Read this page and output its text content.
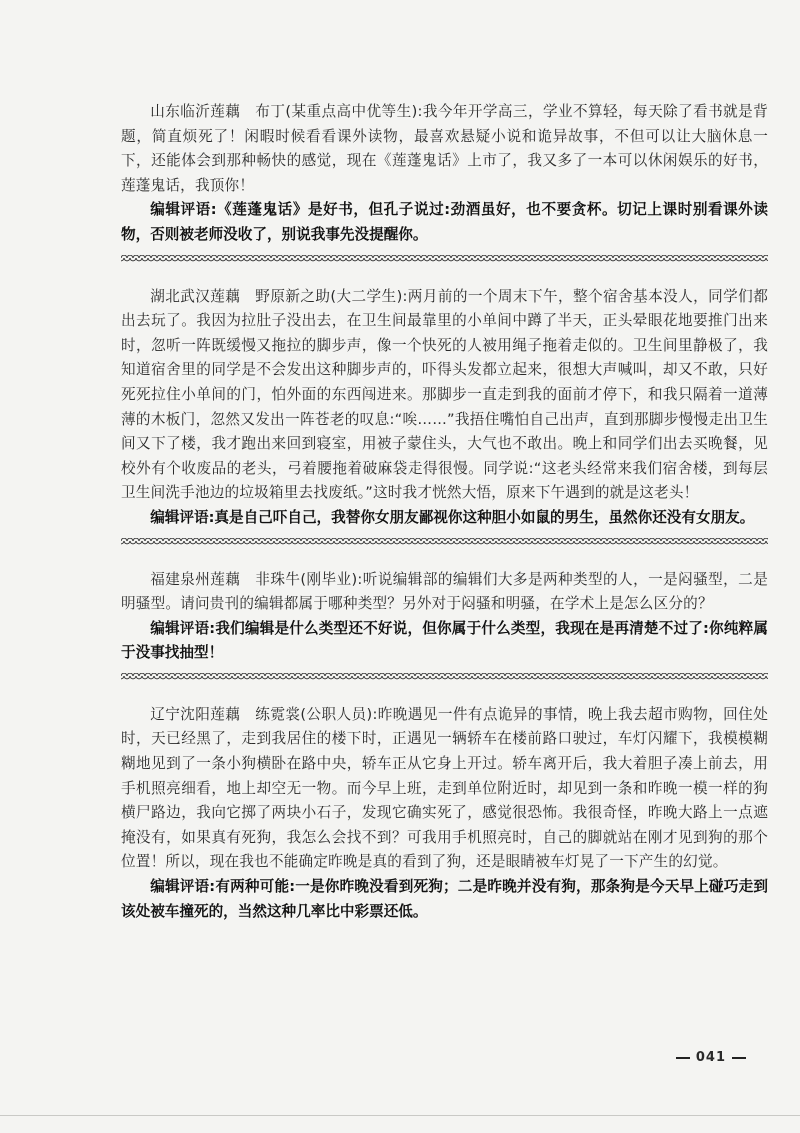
山东临沂莲藕　布丁(某重点高中优等生):我今年开学高三，学业不算轻，每天除了看书就是背题，简直烦死了！闲暇时候看看课外读物，最喜欢悬疑小说和诡异故事，不但可以让大脑休息一下，还能体会到那种畅快的感觉，现在《莲蓬鬼话》上市了，我又多了一本可以休闲娱乐的好书，莲蓬鬼话，我顶你！

编辑评语:《莲蓬鬼话》是好书，但孔子说过:劲酒虽好，也不要贪杯。切记上课时别看课外读物，否则被老师没收了，别说我事先没提醒你。

湖北武汉莲藕　野原新之助(大二学生):两月前的一个周末下午，整个宿舍基本没人，同学们都出去玩了。我因为拉肚子没出去，在卫生间最靠里的小单间中蹲了半天，正头晕眼花地要推门出来时，忽听一阵既缓慢又拖拉的脚步声，像一个快死的人被用绳子拖着走似的。卫生间里静极了，我知道宿舍里的同学是不会发出这种脚步声的，吓得头发都立起来，很想大声喊叫，却又不敢，只好死死拉住小单间的门，怕外面的东西闯进来。那脚步一直走到我的面前才停下，和我只隔着一道薄薄的木板门，忽然又发出一阵苍老的叹息:“唉……”我捂住嘴怕自己出声，直到那脚步慢慢走出卫生间又下了楼，我才跑出来回到寝室，用被子蒙住头，大气也不敢出。晚上和同学们出去买晚餐，见校外有个收废品的老头，弓着腰拖着破麻袋走得很慢。同学说:“这老头经常来我们宿舍楼，到每层卫生间洗手池边的垃圾箱里去找废纸。”这时我才恍然大悟，原来下午遇到的就是这老头！

编辑评语:真是自己吓自己，我替你女朋友鄙视你这种胆小如鼠的男生，虽然你还没有女朋友。

福建泉州莲藕　非珠牛(刚毕业):听说编辑部的编辑们大多是两种类型的人，一是闷骚型，二是明骚型。请问贵刊的编辑都属于哪种类型？另外对于闷骚和明骚，在学术上是怎么区分的？

编辑评语:我们编辑是什么类型还不好说，但你属于什么类型，我现在是再清楚不过了:你纯粹属于没事找抽型！

辽宁沈阳莲藕　练霓裳(公职人员):昨晚遇见一件有点诡异的事情，晚上我去超市购物，回住处时，天已经黑了，走到我居住的楼下时，正遇见一辆轿车在楼前路口驶过，车灯闪耀下，我模模糊糊地见到了一条小狗横卧在路中央，轿车正从它身上开过。轿车离开后，我大着胆子凑上前去，用手机照亮细看，地上却空无一物。而今早上班，走到单位附近时，却见到一条和昨晚一模一样的狗横尸路边，我向它掷了两块小石子，发现它确实死了，感觉很恐怖。我很奇怪，昨晚大路上一点遮掩没有，如果真有死狗，我怎么会找不到？可我用手机照亮时，自己的脚就站在刚才见到狗的那个位置！所以，现在我也不能确定昨晚是真的看到了狗，还是眼睛被车灯晃了一下产生的幻觉。

编辑评语:有两种可能:一是你昨晚没看到死狗；二是昨晚并没有狗，那条狗是今天早上碰巧走到该处被车撞死的，当然这种几率比中彩票还低。

041
